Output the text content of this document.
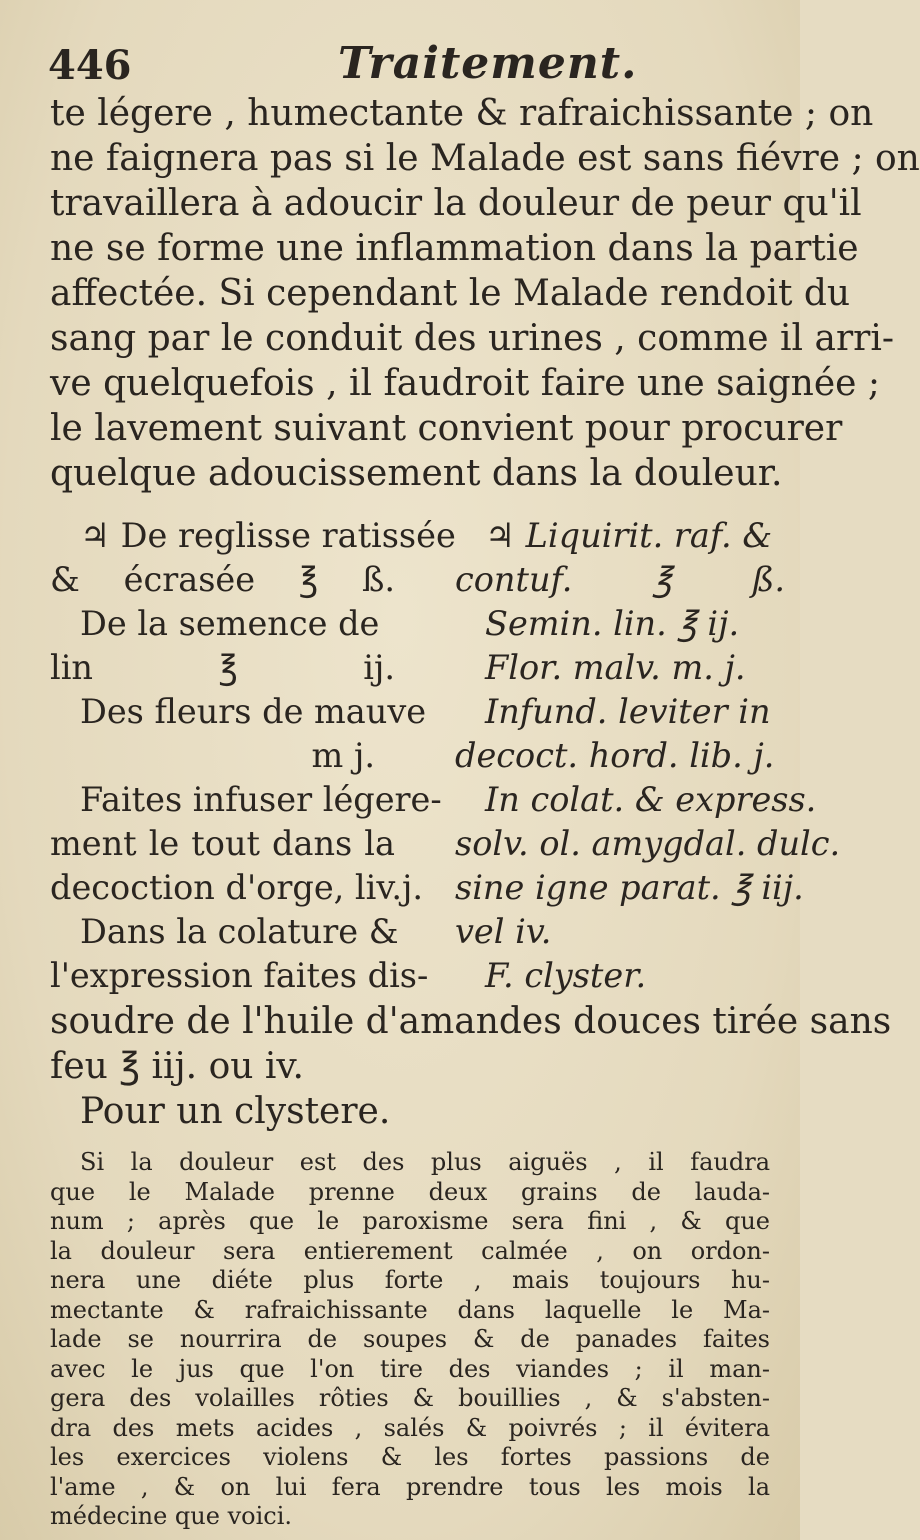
446	Traitement.

te légere , humectante & rafraichissante ; on

ne faignera pas si le Malade est sans fiévre ; on

travaillera à adoucir la douleur de peur qu'il

ne se forme une inflammation dans la partie

affectée. Si cependant le Malade rendoit du

sang par le conduit des urines , comme il arri-

ve quelquefois , il faudroit faire une saignée ;

le lavement suivant convient pour procurer

quelque adoucissement dans la douleur.

♃ De reglisse ratissée

& écrasée ℥ ß.

De la semence de

lin ℥ ij.

Des fleurs de mauve

m j.

Faites infuser légere-

ment le tout dans la

decoction d'orge, liv.j.

Dans la colature &

l'expression faites dis-

♃ Liquirit. raf. &

contuf. ℥ ß.

Semin. lin. ℥ ij.

Flor. malv. m. j.

Infund. leviter in

decoct. hord. lib. j.

In colat. & express.

solv. ol. amygdal. dulc.

sine igne parat. ℥ iij.

vel iv.

F. clyster.

soudre de l'huile d'amandes douces tirée sans

feu ℥ iij. ou iv.

Pour un clystere.

Si la douleur est des plus aiguës , il faudra

que le Malade prenne deux grains de lauda-

num ; après que le paroxisme sera fini , & que

la douleur sera entierement calmée , on ordon-

nera une diéte plus forte , mais toujours hu-

mectante & rafraichissante dans laquelle le Ma-

lade se nourrira de soupes & de panades faites

avec le jus que l'on tire des viandes ; il man-

gera des volailles rôties & bouillies , & s'absten-

dra des mets acides , salés & poivrés ; il évitera

les exercices violens & les fortes passions de

l'ame , & on lui fera prendre tous les mois la

médecine que voici.
